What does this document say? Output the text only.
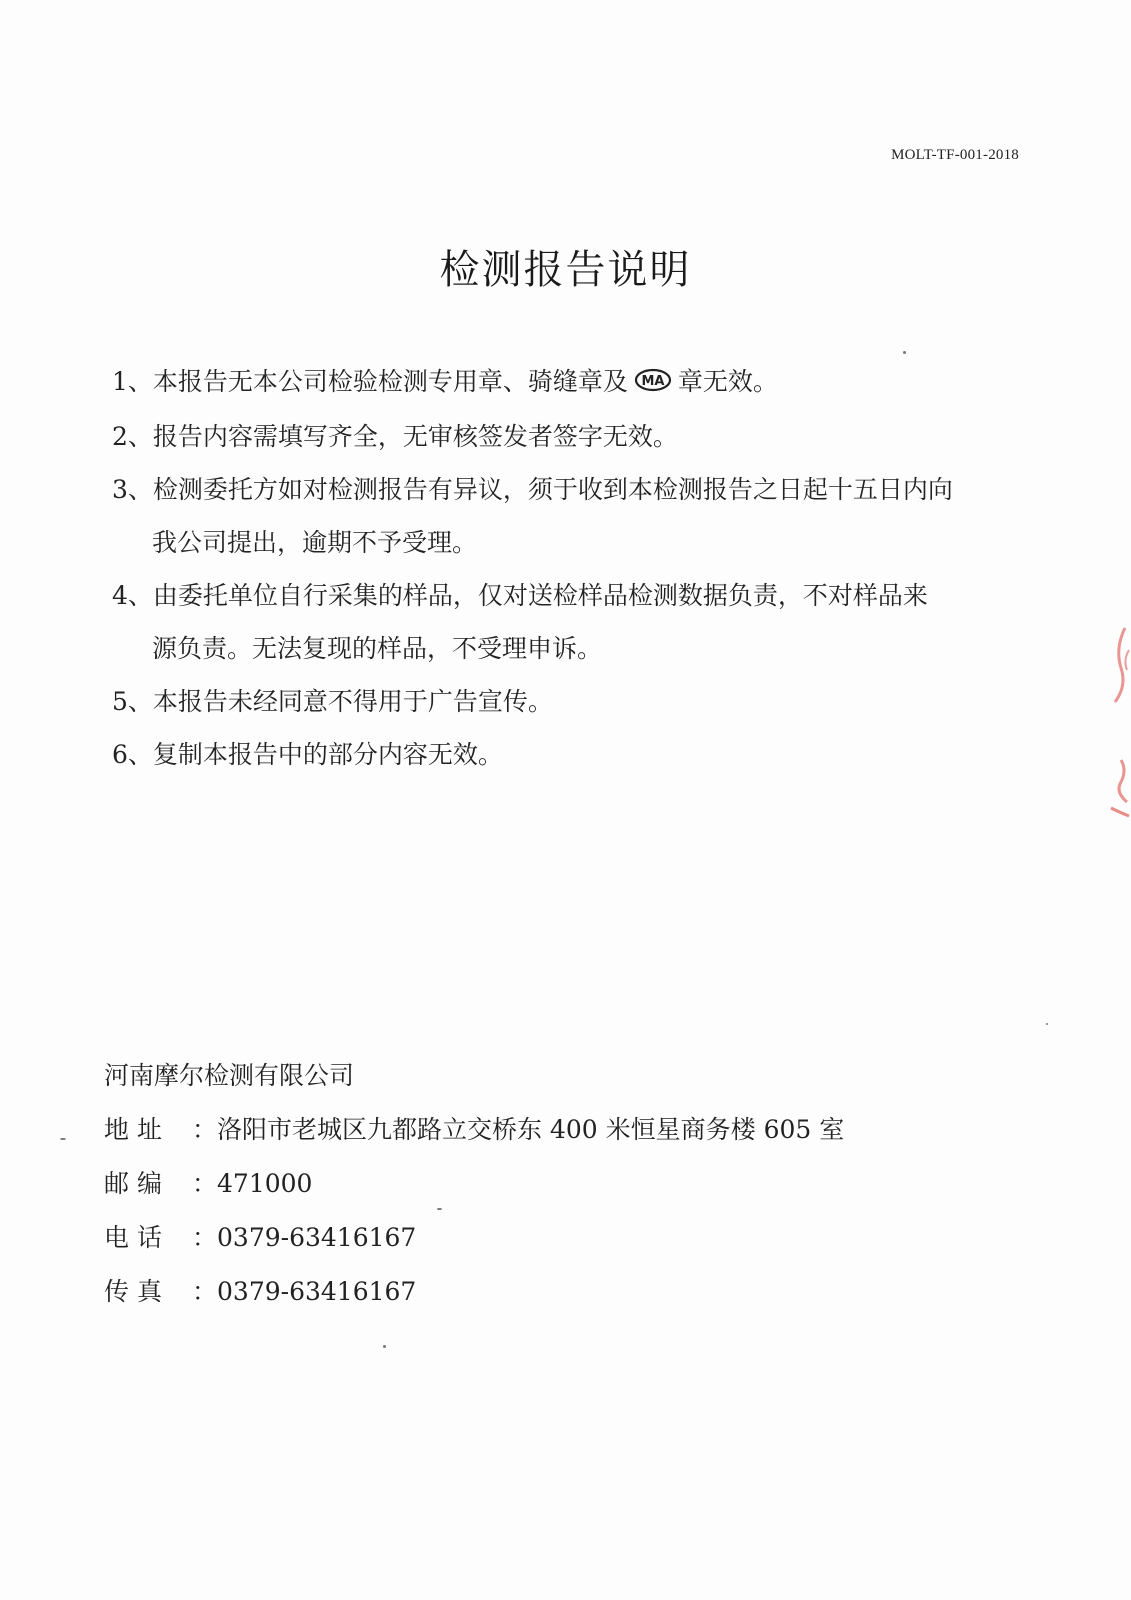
MOLT-TF-001-2018
检测报告说明
1、本报告无本公司检验检测专用章、骑缝章及 MA 章无效。
2、报告内容需填写齐全，无审核签发者签字无效。
3、检测委托方如对检测报告有异议，须于收到本检测报告之日起十五日内向
我公司提出，逾期不予受理。
4、由委托单位自行采集的样品，仅对送检样品检测数据负责，不对样品来
源负责。无法复现的样品，不受理申诉。
5、本报告未经同意不得用于广告宣传。
6、复制本报告中的部分内容无效。
河南摩尔检测有限公司
地 址 ：洛阳市老城区九都路立交桥东 400 米恒星商务楼 605 室
邮 编 ：471000
电 话 ：0379-63416167
传 真 ：0379-63416167
